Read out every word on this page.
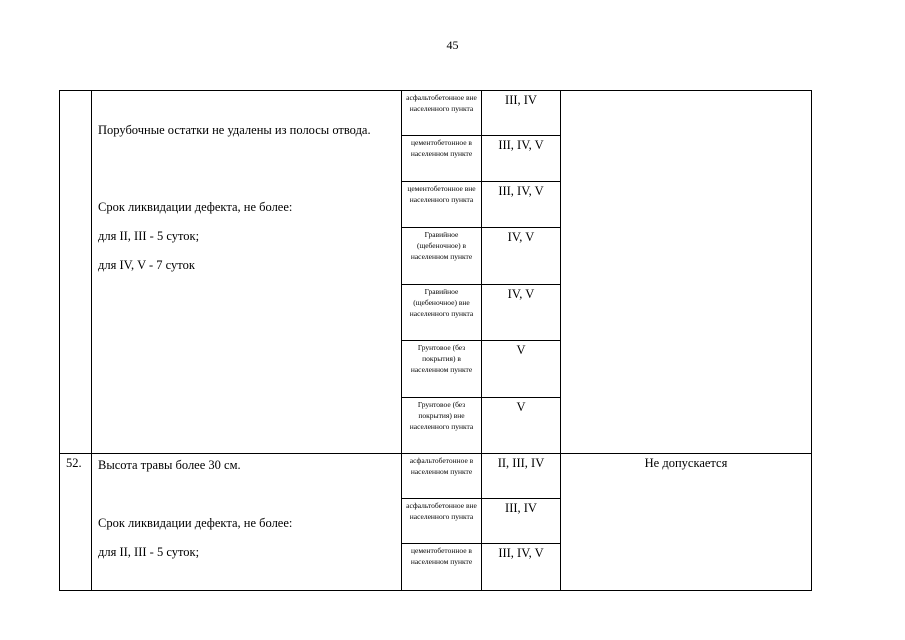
45

Порубочные остатки не удалены из полосы отвода.

Срок ликвидации дефекта, не более:

для II, III - 5 суток;

для IV, V - 7 суток

асфальтобетонное вне населенного пункта
III, IV
цементобетонное в населенном пункте
III, IV, V
цементобетонное вне населенного пункта
III, IV, V
Гравийное (щебеночное) в населенном пункте
IV, V
Гравийное (щебеночное) вне населенного пункта
IV, V
Грунтовое (без покрытия) в населенном пункте
V
Грунтовое (без покрытия) вне населенного пункта
V
52.	Высота травы более 30 см.

Срок ликвидации дефекта, не более:

для II, III - 5 суток;

асфальтобетонное в населенном пункте
II, III, IV
асфальтобетонное вне населенного пункта
III, IV
цементобетонное в населенном пункте
III, IV, V
Не допускается
